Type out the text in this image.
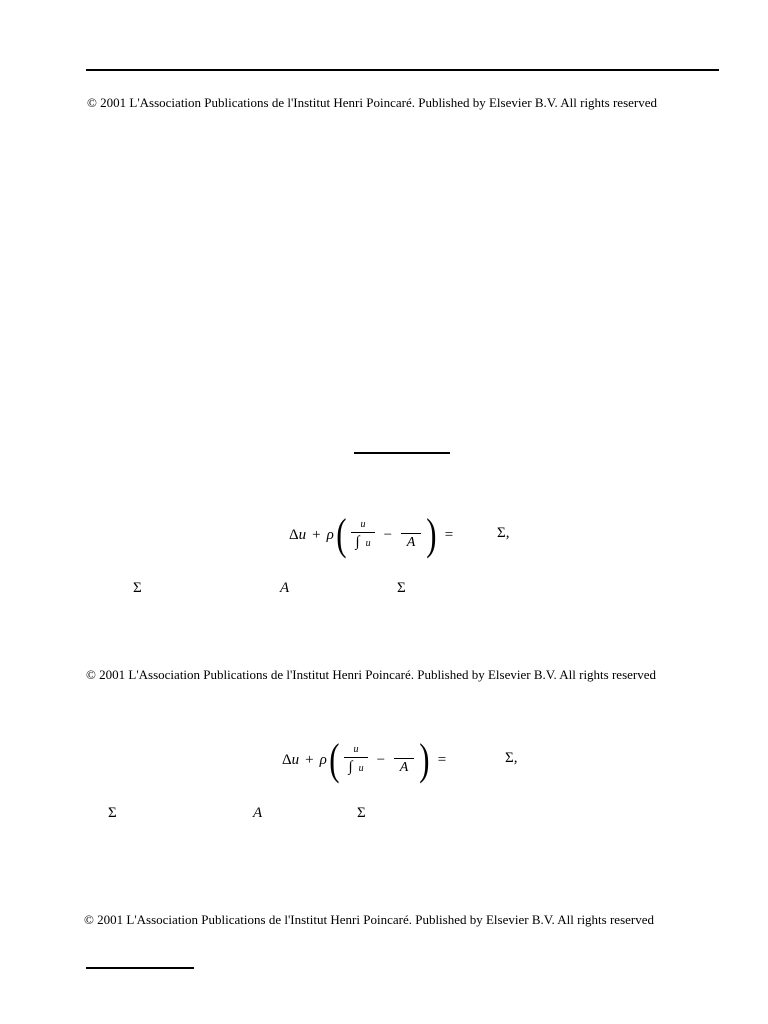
© 2001 L'Association Publications de l'Institut Henri Poincaré. Published by Elsevier B.V. All rights reserved
Δ u + ρ ( $\frac{u}{\int u} - A$ ) =	Σ,
Σ	A	Σ
© 2001 L'Association Publications de l'Institut Henri Poincaré. Published by Elsevier B.V. All rights reserved
Δ u + ρ ( $\frac{u}{\int u} - A$ ) =	Σ,
Σ	A	Σ
© 2001 L'Association Publications de l'Institut Henri Poincaré. Published by Elsevier B.V. All rights reserved
